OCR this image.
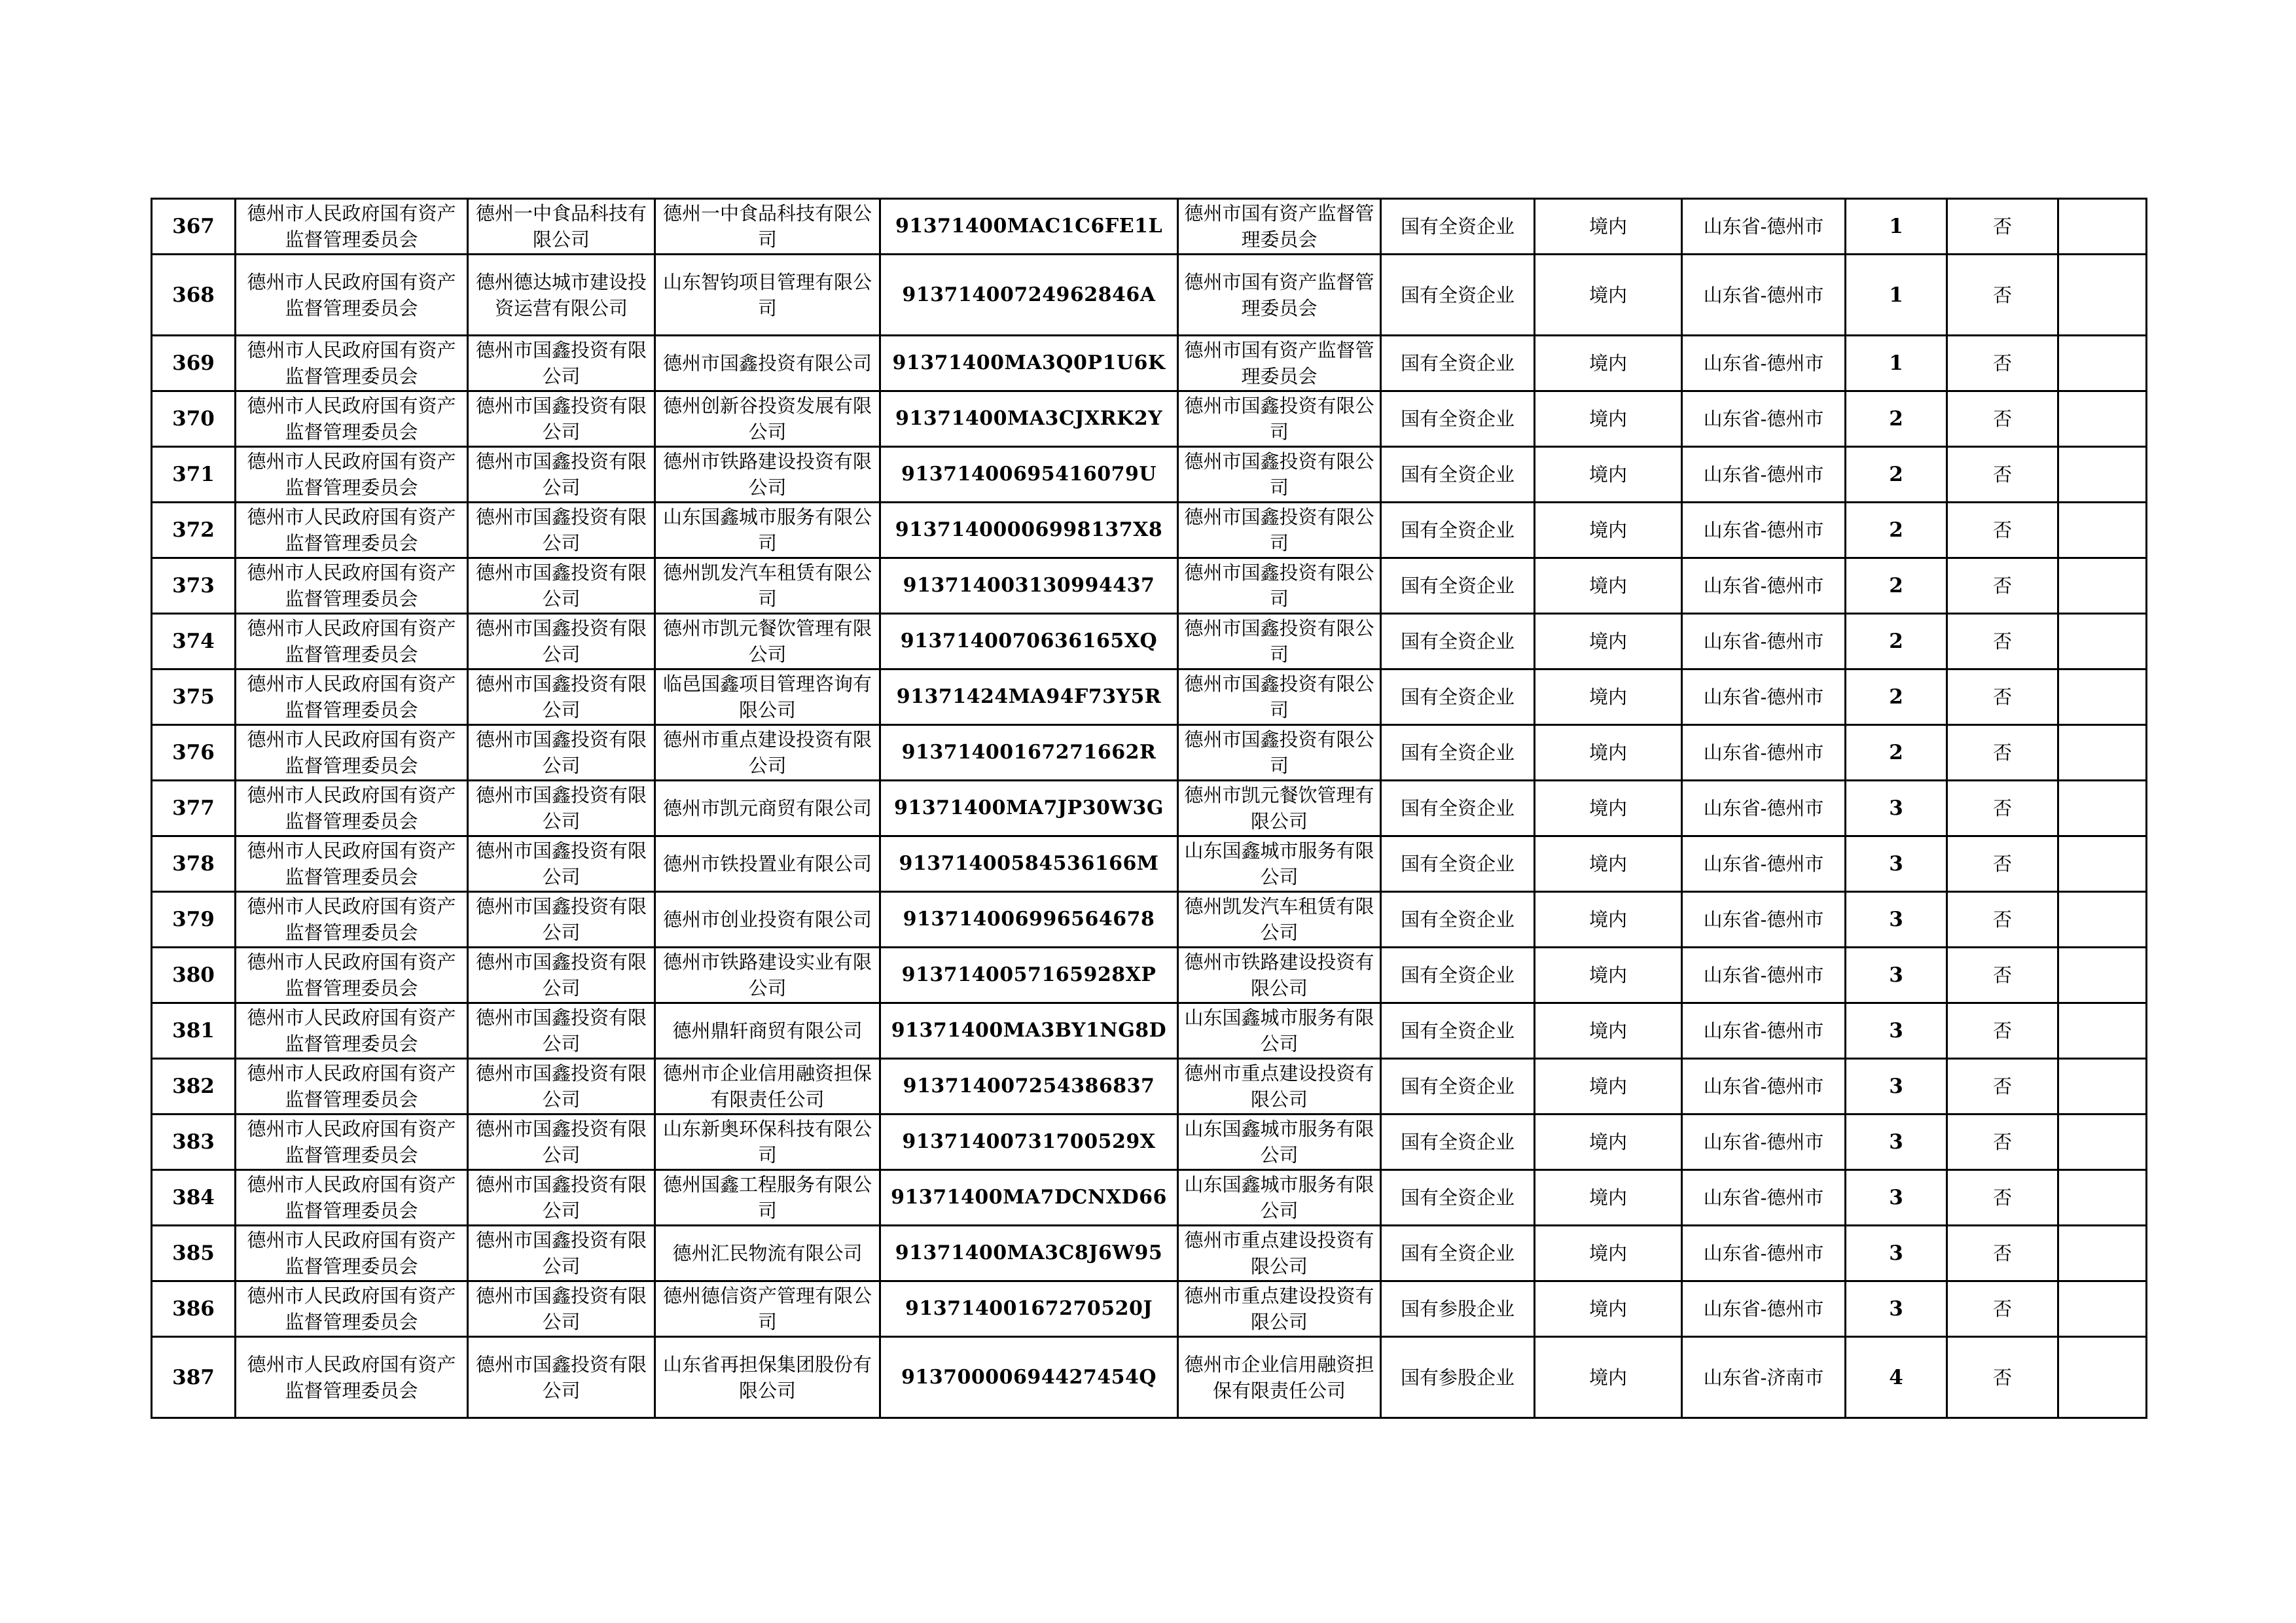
367	德州市人民政府国有资产监督管理委员会	德州一中食品科技有限公司	德州一中食品科技有限公司	91371400MAC1C6FE1L	德州市国有资产监督管理委员会	国有全资企业	境内	山东省-德州市	1	否	
368	德州市人民政府国有资产监督管理委员会	德州德达城市建设投资运营有限公司	山东智钧项目管理有限公司	91371400724962846A	德州市国有资产监督管理委员会	国有全资企业	境内	山东省-德州市	1	否	
369	德州市人民政府国有资产监督管理委员会	德州市国鑫投资有限公司	德州市国鑫投资有限公司	91371400MA3Q0P1U6K	德州市国有资产监督管理委员会	国有全资企业	境内	山东省-德州市	1	否	
370	德州市人民政府国有资产监督管理委员会	德州市国鑫投资有限公司	德州创新谷投资发展有限公司	91371400MA3CJXRK2Y	德州市国鑫投资有限公司	国有全资企业	境内	山东省-德州市	2	否	
371	德州市人民政府国有资产监督管理委员会	德州市国鑫投资有限公司	德州市铁路建设投资有限公司	91371400695416079U	德州市国鑫投资有限公司	国有全资企业	境内	山东省-德州市	2	否	
372	德州市人民政府国有资产监督管理委员会	德州市国鑫投资有限公司	山东国鑫城市服务有限公司	91371400006998137X8	德州市国鑫投资有限公司	国有全资企业	境内	山东省-德州市	2	否	
373	德州市人民政府国有资产监督管理委员会	德州市国鑫投资有限公司	德州凯发汽车租赁有限公司	913714003130994437	德州市国鑫投资有限公司	国有全资企业	境内	山东省-德州市	2	否	
374	德州市人民政府国有资产监督管理委员会	德州市国鑫投资有限公司	德州市凯元餐饮管理有限公司	9137140070636165XQ	德州市国鑫投资有限公司	国有全资企业	境内	山东省-德州市	2	否	
375	德州市人民政府国有资产监督管理委员会	德州市国鑫投资有限公司	临邑国鑫项目管理咨询有限公司	91371424MA94F73Y5R	德州市国鑫投资有限公司	国有全资企业	境内	山东省-德州市	2	否	
376	德州市人民政府国有资产监督管理委员会	德州市国鑫投资有限公司	德州市重点建设投资有限公司	91371400167271662R	德州市国鑫投资有限公司	国有全资企业	境内	山东省-德州市	2	否	
377	德州市人民政府国有资产监督管理委员会	德州市国鑫投资有限公司	德州市凯元商贸有限公司	91371400MA7JP30W3G	德州市凯元餐饮管理有限公司	国有全资企业	境内	山东省-德州市	3	否	
378	德州市人民政府国有资产监督管理委员会	德州市国鑫投资有限公司	德州市铁投置业有限公司	91371400584536166M	山东国鑫城市服务有限公司	国有全资企业	境内	山东省-德州市	3	否	
379	德州市人民政府国有资产监督管理委员会	德州市国鑫投资有限公司	德州市创业投资有限公司	913714006996564678	德州凯发汽车租赁有限公司	国有全资企业	境内	山东省-德州市	3	否	
380	德州市人民政府国有资产监督管理委员会	德州市国鑫投资有限公司	德州市铁路建设实业有限公司	9137140057165928XP	德州市铁路建设投资有限公司	国有全资企业	境内	山东省-德州市	3	否	
381	德州市人民政府国有资产监督管理委员会	德州市国鑫投资有限公司	德州鼎轩商贸有限公司	91371400MA3BY1NG8D	山东国鑫城市服务有限公司	国有全资企业	境内	山东省-德州市	3	否	
382	德州市人民政府国有资产监督管理委员会	德州市国鑫投资有限公司	德州市企业信用融资担保有限责任公司	913714007254386837	德州市重点建设投资有限公司	国有全资企业	境内	山东省-德州市	3	否	
383	德州市人民政府国有资产监督管理委员会	德州市国鑫投资有限公司	山东新奥环保科技有限公司	9137140073170052​9X	山东国鑫城市服务有限公司	国有全资企业	境内	山东省-德州市	3	否	
384	德州市人民政府国有资产监督管理委员会	德州市国鑫投资有限公司	德州国鑫工程服务有限公司	91371400MA7DCNXD66	山东国鑫城市服务有限公司	国有全资企业	境内	山东省-德州市	3	否	
385	德州市人民政府国有资产监督管理委员会	德州市国鑫投资有限公司	德州汇民物流有限公司	91371400MA3C8J6W95	德州市重点建设投资有限公司	国有全资企业	境内	山东省-德州市	3	否	
386	德州市人民政府国有资产监督管理委员会	德州市国鑫投资有限公司	德州德信资产管理有限公司	91371400167270520J	德州市重点建设投资有限公司	国有参股企业	境内	山东省-德州市	3	否	
387	德州市人民政府国有资产监督管理委员会	德州市国鑫投资有限公司	山东省再担保集团股份有限公司	91370000694427454Q	德州市企业信用融资担保有限责任公司	国有参股企业	境内	山东省-济南市	4	否	
